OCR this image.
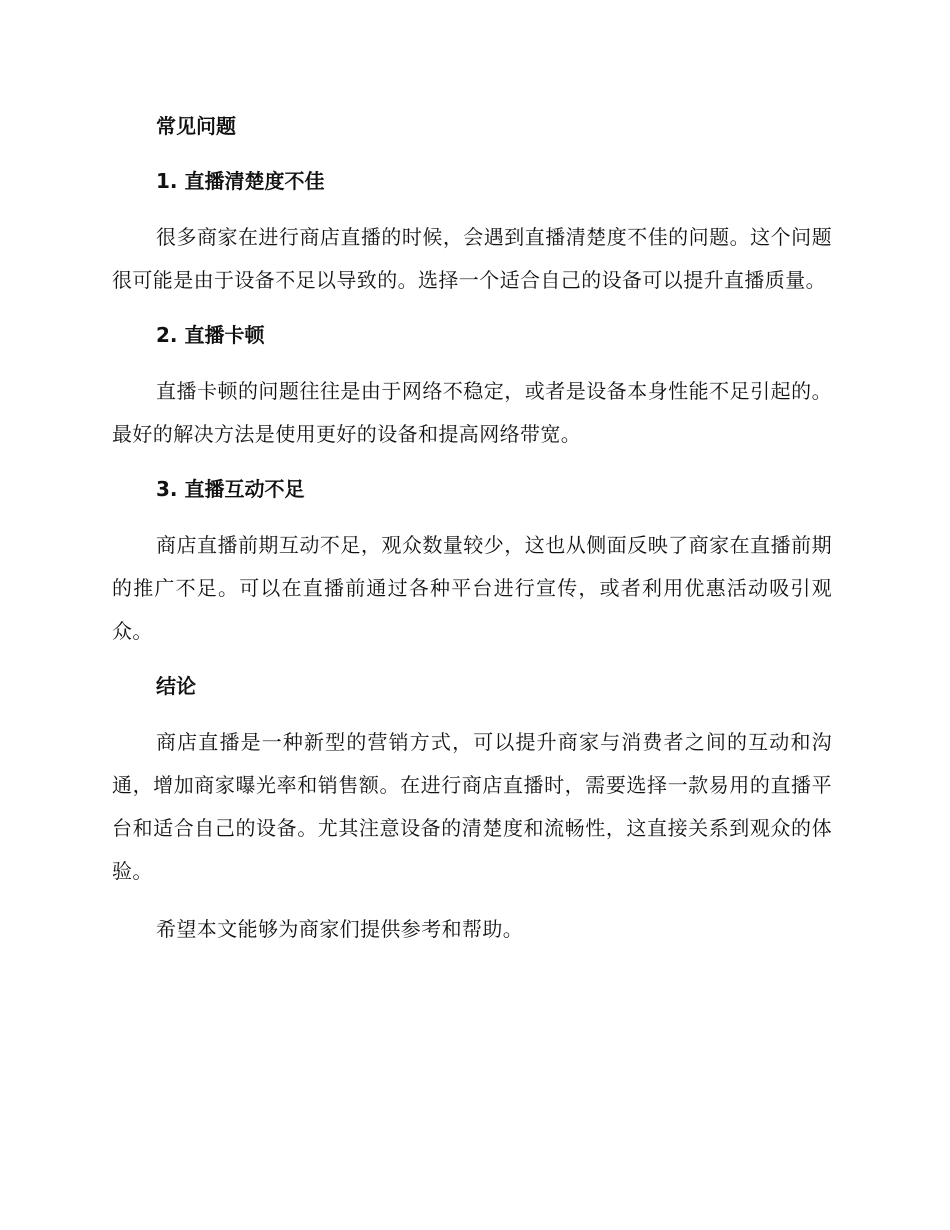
常见问题
1. 直播清楚度不佳

很多商家在进行商店直播的时候，会遇到直播清楚度不佳的问题。这个问题很可能是由于设备不足以导致的。选择一个适合自己的设备可以提升直播质量。

2. 直播卡顿

直播卡顿的问题往往是由于网络不稳定，或者是设备本身性能不足引起的。最好的解决方法是使用更好的设备和提高网络带宽。

3. 直播互动不足

商店直播前期互动不足，观众数量较少，这也从侧面反映了商家在直播前期的推广不足。可以在直播前通过各种平台进行宣传，或者利用优惠活动吸引观众。

结论

商店直播是一种新型的营销方式，可以提升商家与消费者之间的互动和沟通，增加商家曝光率和销售额。在进行商店直播时，需要选择一款易用的直播平台和适合自己的设备。尤其注意设备的清楚度和流畅性，这直接关系到观众的体验。

希望本文能够为商家们提供参考和帮助。
